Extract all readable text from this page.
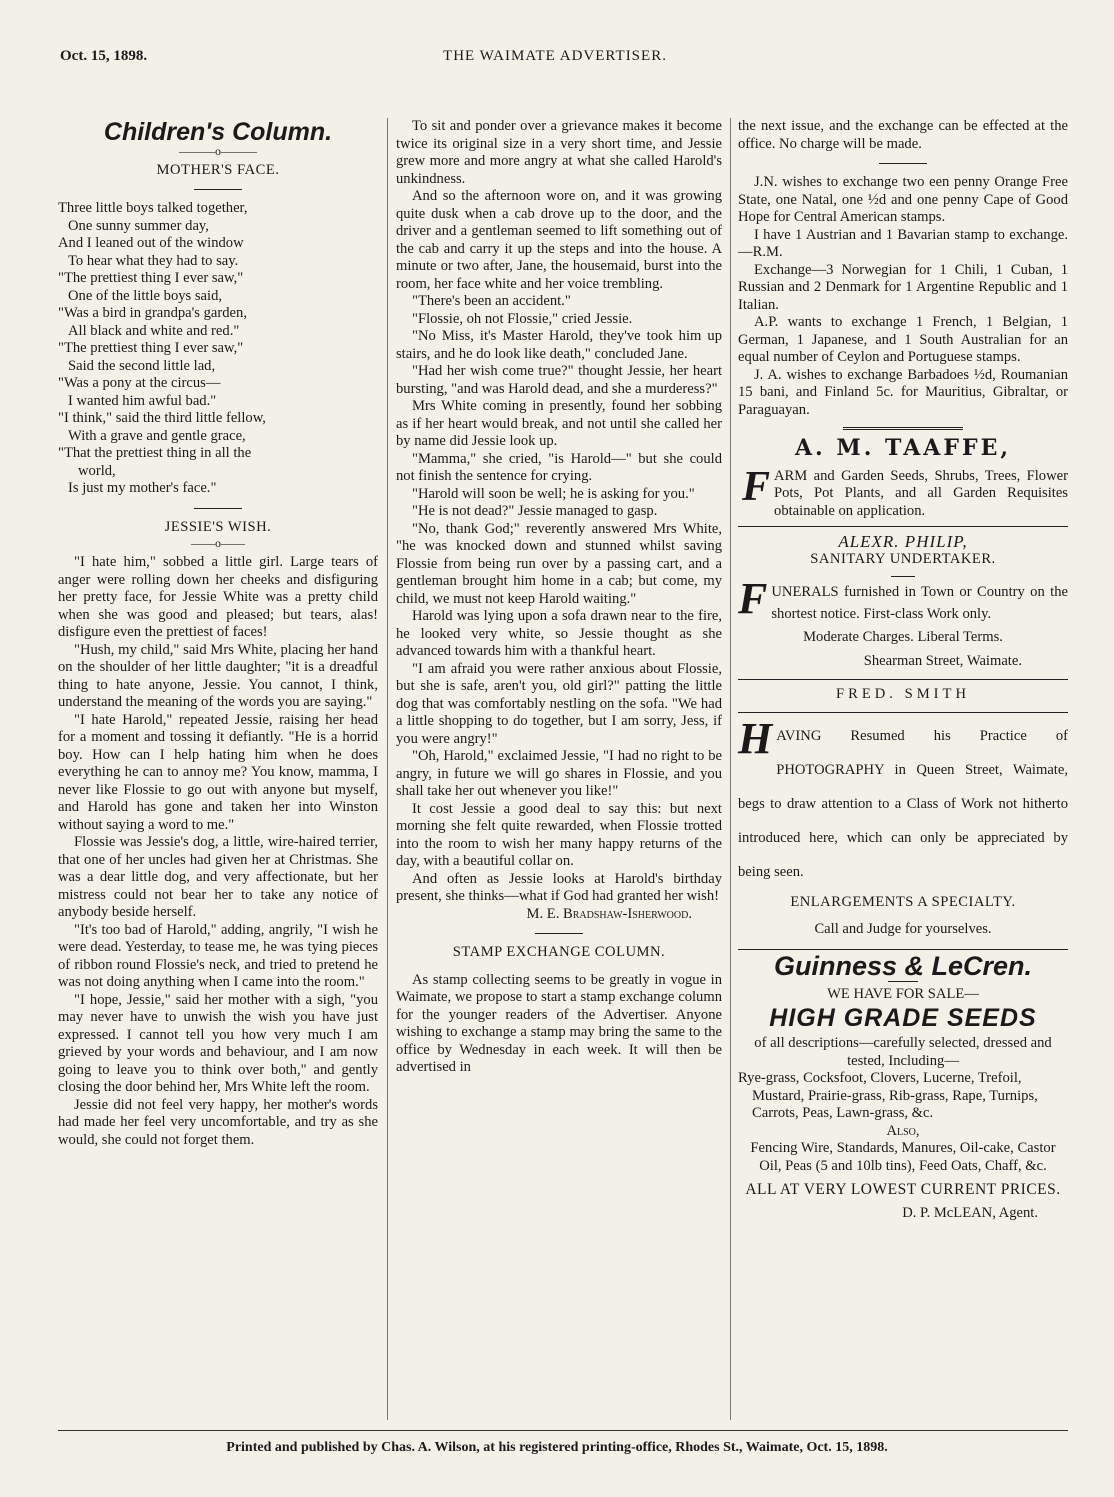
Oct. 15, 1898.	THE WAIMATE ADVERTISER.
Children's Column.
———o———
MOTHER'S FACE.

Three little boys talked together,

One sunny summer day,

And I leaned out of the window

To hear what they had to say.

"The prettiest thing I ever saw,"

One of the little boys said,

"Was a bird in grandpa's garden,

All black and white and red."

"The prettiest thing I ever saw,"

Said the second little lad,

"Was a pony at the circus—

I wanted him awful bad."

"I think," said the third little fellow,

With a grave and gentle grace,

"That the prettiest thing in all the

world,

Is just my mother's face."

JESSIE'S WISH.
——o——

"I hate him," sobbed a little girl. Large tears of anger were rolling down her cheeks and disfiguring her pretty face, for Jessie White was a pretty child when she was good and pleased; but tears, alas! disfigure even the prettiest of faces!

"Hush, my child," said Mrs White, placing her hand on the shoulder of her little daughter; "it is a dreadful thing to hate anyone, Jessie. You cannot, I think, understand the meaning of the words you are saying."

"I hate Harold," repeated Jessie, raising her head for a moment and tossing it defiantly. "He is a horrid boy. How can I help hating him when he does everything he can to annoy me? You know, mamma, I never like Flossie to go out with anyone but myself, and Harold has gone and taken her into Winston without saying a word to me."

Flossie was Jessie's dog, a little, wire-haired terrier, that one of her uncles had given her at Christmas. She was a dear little dog, and very affectionate, but her mistress could not bear her to take any notice of anybody beside herself.

"It's too bad of Harold," adding, angrily, "I wish he were dead. Yesterday, to tease me, he was tying pieces of ribbon round Flossie's neck, and tried to pretend he was not doing anything when I came into the room."

"I hope, Jessie," said her mother with a sigh, "you may never have to unwish the wish you have just expressed. I cannot tell you how very much I am grieved by your words and behaviour, and I am now going to leave you to think over both," and gently closing the door behind her, Mrs White left the room.

Jessie did not feel very happy, her mother's words had made her feel very uncomfortable, and try as she would, she could not forget them.

To sit and ponder over a grievance makes it become twice its original size in a very short time, and Jessie grew more and more angry at what she called Harold's unkindness.

And so the afternoon wore on, and it was growing quite dusk when a cab drove up to the door, and the driver and a gentleman seemed to lift something out of the cab and carry it up the steps and into the house. A minute or two after, Jane, the housemaid, burst into the room, her face white and her voice trembling.

"There's been an accident."

"Flossie, oh not Flossie," cried Jessie.

"No Miss, it's Master Harold, they've took him up stairs, and he do look like death," concluded Jane.

"Had her wish come true?" thought Jessie, her heart bursting, "and was Harold dead, and she a murderess?"

Mrs White coming in presently, found her sobbing as if her heart would break, and not until she called her by name did Jessie look up.

"Mamma," she cried, "is Harold—" but she could not finish the sentence for crying.

"Harold will soon be well; he is asking for you."

"He is not dead?" Jessie managed to gasp.

"No, thank God;" reverently answered Mrs White, "he was knocked down and stunned whilst saving Flossie from being run over by a passing cart, and a gentleman brought him home in a cab; but come, my child, we must not keep Harold waiting."

Harold was lying upon a sofa drawn near to the fire, he looked very white, so Jessie thought as she advanced towards him with a thankful heart.

"I am afraid you were rather anxious about Flossie, but she is safe, aren't you, old girl?" patting the little dog that was comfortably nestling on the sofa. "We had a little shopping to do together, but I am sorry, Jess, if you were angry!"

"Oh, Harold," exclaimed Jessie, "I had no right to be angry, in future we will go shares in Flossie, and you shall take her out whenever you like!"

It cost Jessie a good deal to say this: but next morning she felt quite rewarded, when Flossie trotted into the room to wish her many happy returns of the day, with a beautiful collar on.

And often as Jessie looks at Harold's birthday present, she thinks—what if God had granted her wish!

M. E. Bradshaw-Isherwood.

STAMP EXCHANGE COLUMN.

As stamp collecting seems to be greatly in vogue in Waimate, we propose to start a stamp exchange column for the younger readers of the Advertiser. Anyone wishing to exchange a stamp may bring the same to the office by Wednesday in each week. It will then be advertised in

the next issue, and the exchange can be effected at the office. No charge will be made.

J.N. wishes to exchange two een penny Orange Free State, one Natal, one ½d and one penny Cape of Good Hope for Central American stamps.

I have 1 Austrian and 1 Bavarian stamp to exchange.—R.M.

Exchange—3 Norwegian for 1 Chili, 1 Cuban, 1 Russian and 2 Denmark for 1 Argentine Republic and 1 Italian.

A.P. wants to exchange 1 French, 1 Belgian, 1 German, 1 Japanese, and 1 South Australian for an equal number of Ceylon and Portuguese stamps.

J. A. wishes to exchange Barbadoes ½d, Roumanian 15 bani, and Finland 5c. for Mauritius, Gibraltar, or Paraguayan.

A. M. TAAFFE,

F ARM and Garden Seeds, Shrubs, Trees, Flower Pots, Pot Plants, and all Garden Requisites obtainable on application.

ALEXR. PHILIP,
SANITARY UNDERTAKER.

F UNERALS furnished in Town or Country on the shortest notice. First-class Work only.

Moderate Charges. Liberal Terms.

Shearman Street, Waimate.

FRED. SMITH

H AVING Resumed his Practice of PHOTOGRAPHY in Queen Street, Waimate, begs to draw attention to a Class of Work not hitherto introduced here, which can only be appreciated by being seen.

ENLARGEMENTS A SPECIALTY.

Call and Judge for yourselves.

Guinness & LeCren.

WE HAVE FOR SALE—

HIGH GRADE SEEDS

of all descriptions—carefully selected, dressed and tested, Including—

Rye-grass, Cocksfoot, Clovers, Lucerne, Trefoil, Mustard, Prairie-grass, Rib-grass, Rape, Turnips, Carrots, Peas, Lawn-grass, &c.

Also,

Fencing Wire, Standards, Manures, Oil-cake, Castor Oil, Peas (5 and 10lb tins), Feed Oats, Chaff, &c.

ALL AT VERY LOWEST CURRENT PRICES.

D. P. McLEAN, Agent.

Printed and published by Chas. A. Wilson, at his registered printing-office, Rhodes St., Waimate, Oct. 15, 1898.
